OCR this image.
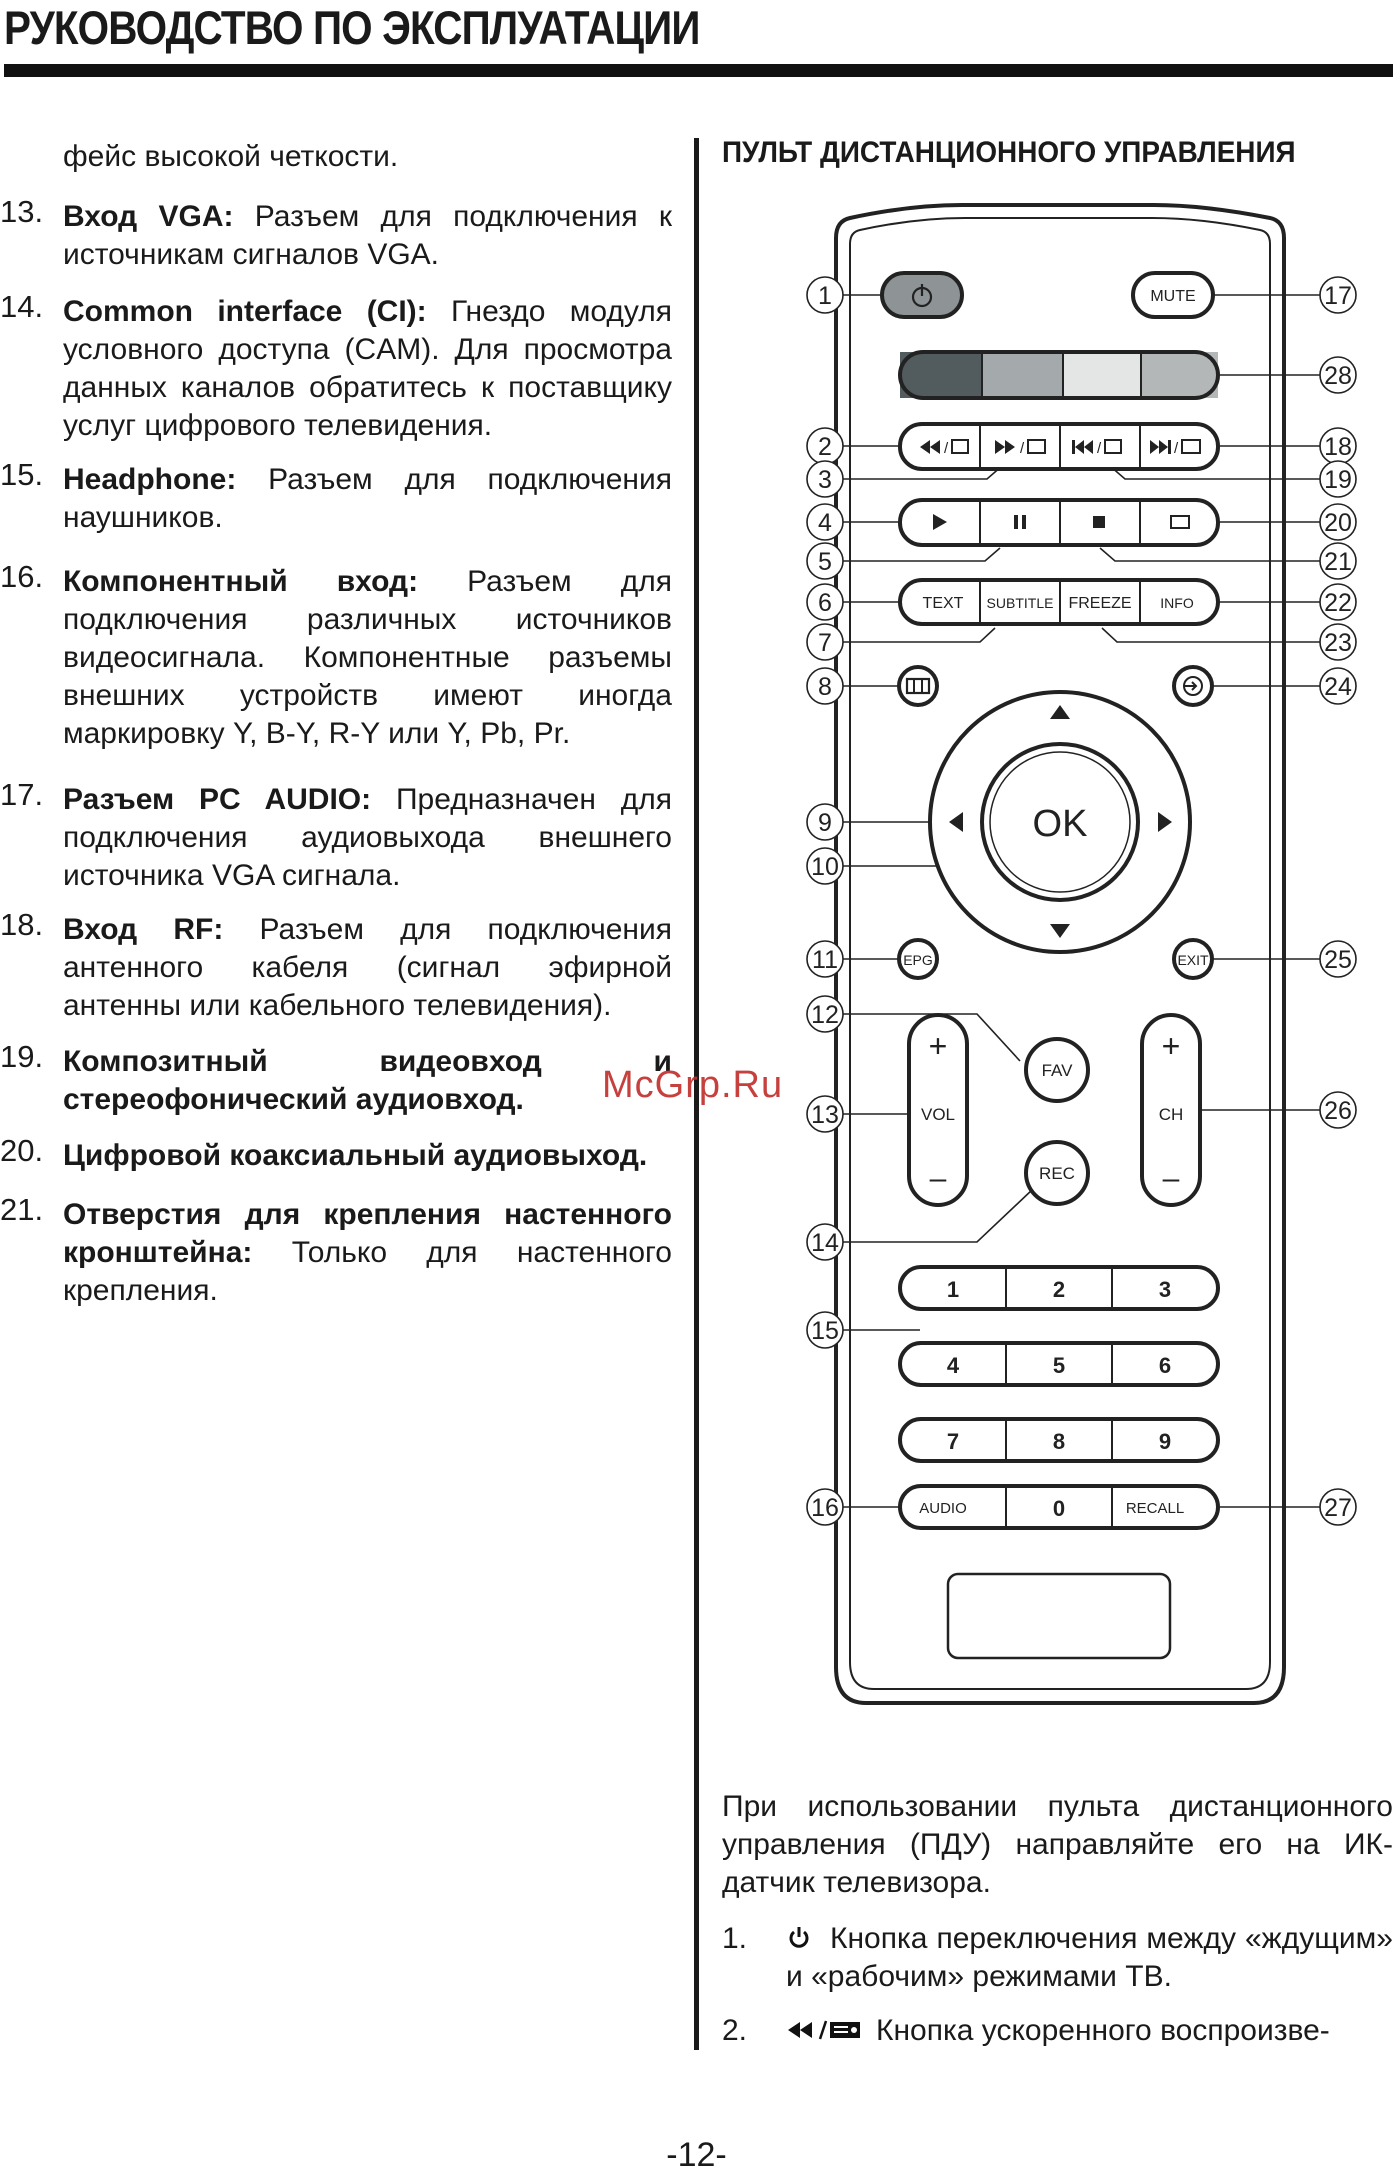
РУКОВОДСТВО ПО ЭКСПЛУАТАЦИИ
фейс высокой четкости.
13. Вход VGA: Разъем для подключения к источникам сигналов VGA.
14. Common interface (CI): Гнездо модуля условного доступа (CAM). Для просмотра данных каналов обратитесь к поставщику услуг цифрового телевидения.
15. Headphone: Разъем для подключения наушников.
16. Компонентный вход: Разъем для подключения различных источников видеосигнала. Компонентные разъемы внешних устройств имеют иногда маркировку Y, B-Y, R-Y или Y, Pb, Pr.
17. Разъем PC AUDIO: Предназначен для подключения аудиовыхода внешнего источника VGA сигнала.
18. Вход RF: Разъем для подключения антенного кабеля (сигнал эфирной антенны или кабельного телевидения).
19. Композитный видеовход и стереофонический аудиовход.
20. Цифровой коаксиальный аудиовыход.
21. Отверстия для крепления настенного кронштейна: Только для настенного крепления.
McGrp.Ru
ПУЛЬТ ДИСТАНЦИОННОГО УПРАВЛЕНИЯ
MUTE
/	/	/	/
TEXT SUBTITLE FREEZE INFO
OK
EPG	EXIT
+
VOL
–
+
CH
–
FAV
REC
1	2	3
4	5	6
7	8	9
AUDIO	0	RECALL
1
2
3
4
5
6
7
8
9
10
11
12
13
14
15
16
17
28
18
19
20
21
22
23
24
25
26
27

При использовании пульта дистанционного управления (ПДУ) направляйте его на ИК-датчик телевизора.

1.	Кнопка переключения между «ждущим» и «рабочим» режимами ТВ.
2.	Кнопка ускоренного воспроизве-
-12-
